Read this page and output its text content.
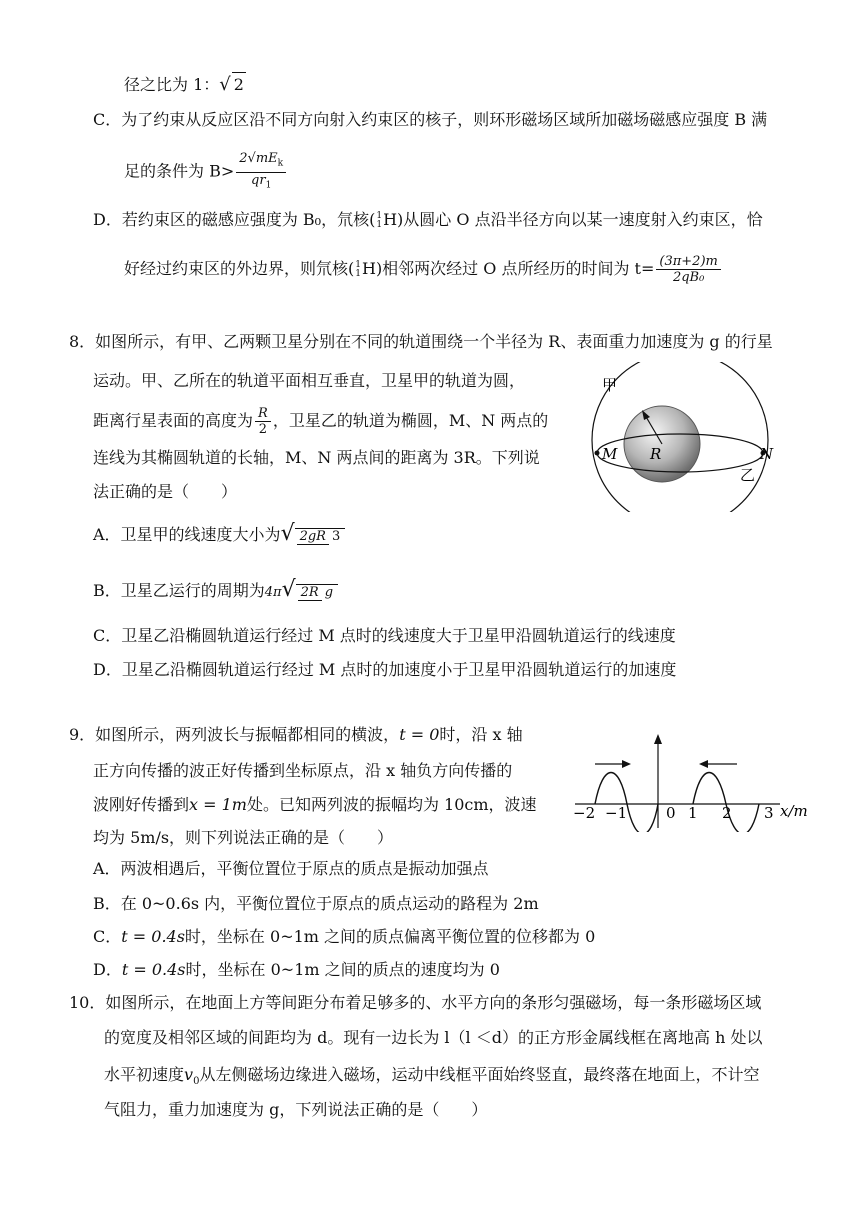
径之比为 1：√ 2
C．为了约束从反应区沿不同方向射入约束区的核子，则环形磁场区域所加磁场磁感应强度 B 满
足的条件为 $B> \frac{2√mE_k}{qr_1}$
D．若约束区的磁感应强度为 B₀，氘核( 1
1 H)从圆心 O 点沿半径方向以某一速度射入约束区，恰
好经过约束区的外边界，则氘核( 1
1 H)相邻两次经过 O 点所经历的时间为 $t= \frac{(3\pi+2)m}{\text{2qB₀}}$
8．如图所示，有甲、乙两颗卫星分别在不同的轨道围绕一个半径为 R、表面重力加速度为 g 的行星
运动。甲、乙所在的轨道平面相互垂直，卫星甲的轨道为圆，
距离行星表面的高度为 $\frac{R}{2}$ ，卫星乙的轨道为椭圆，M、N 两点的
连线为其椭圆轨道的长轴，M、N 两点间的距离为 3R。下列说
法正确的是（　　）
A．卫星甲的线速度大小为√ 2gR 3
B．卫星乙运行的周期为4π√ 2R g
C．卫星乙沿椭圆轨道运行经过 M 点时的线速度大于卫星甲沿圆轨道运行的线速度
D．卫星乙沿椭圆轨道运行经过 M 点时的加速度小于卫星甲沿圆轨道运行的加速度
甲
M R	N
乙
9．如图所示，两列波长与振幅都相同的横波，t = 0时，沿 x 轴
正方向传播的波正好传播到坐标原点，沿 x 轴负方向传播的
波刚好传播到x = 1m处。已知两列波的振幅均为 10cm，波速
均为 5m/s，则下列说法正确的是（　　）
A．两波相遇后，平衡位置位于原点的质点是振动加强点
B．在 0~0.6s 内，平衡位置位于原点的质点运动的路程为 2m
C．t = 0.4s时，坐标在 0~1m 之间的质点偏离平衡位置的位移都为 0
D．t = 0.4s时，坐标在 0~1m 之间的质点的速度均为 0
−2 −1	0 1 2 3 x/m
10．如图所示，在地面上方等间距分布着足够多的、水平方向的条形匀强磁场，每一条形磁场区域
的宽度及相邻区域的间距均为 d。现有一边长为 l（l ＜d）的正方形金属线框在离地高 h 处以
水平初速度$v_0$从左侧磁场边缘进入磁场，运动中线框平面始终竖直，最终落在地面上，不计空
气阻力，重力加速度为 g，下列说法正确的是（　　）
